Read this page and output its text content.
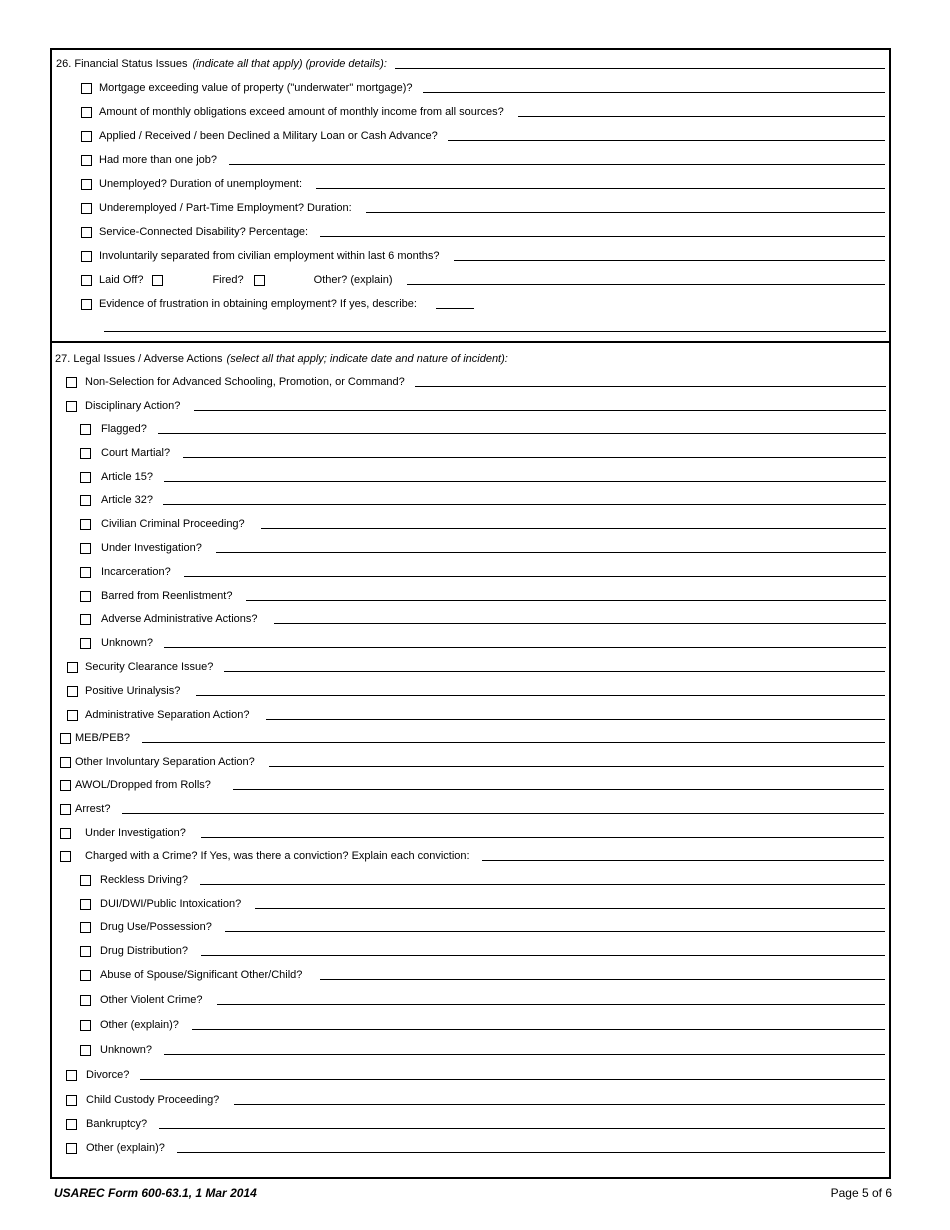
26. Financial Status Issues (indicate all that apply) (provide details):
Mortgage exceeding value of property ("underwater" mortgage)?
Amount of monthly obligations exceed amount of monthly income from all sources?
Applied / Received / been Declined a Military Loan or Cash Advance?
Had more than one job?
Unemployed? Duration of unemployment:
Underemployed / Part-Time Employment? Duration:
Service-Connected Disability? Percentage:
Involuntarily separated from civilian employment within last 6 months?
Laid Off?	Fired?	Other? (explain)
Evidence of frustration in obtaining employment? If yes, describe:
27. Legal Issues / Adverse Actions (select all that apply; indicate date and nature of incident):
Non-Selection for Advanced Schooling, Promotion, or Command?
Disciplinary Action?
Flagged?
Court Martial?
Article 15?
Article 32?
Civilian Criminal Proceeding?
Under Investigation?
Incarceration?
Barred from Reenlistment?
Adverse Administrative Actions?
Unknown?
Security Clearance Issue?
Positive Urinalysis?
Administrative Separation Action?
MEB/PEB?
Other Involuntary Separation Action?
AWOL/Dropped from Rolls?
Arrest?
Under Investigation?
Charged with a Crime? If Yes, was there a conviction? Explain each conviction:
Reckless Driving?
DUI/DWI/Public Intoxication?
Drug Use/Possession?
Drug Distribution?
Abuse of Spouse/Significant Other/Child?
Other Violent Crime?
Other (explain)?
Unknown?
Divorce?
Child Custody Proceeding?
Bankruptcy?
Other (explain)?
USAREC Form 600-63.1, 1 Mar 2014	Page 5 of 6
